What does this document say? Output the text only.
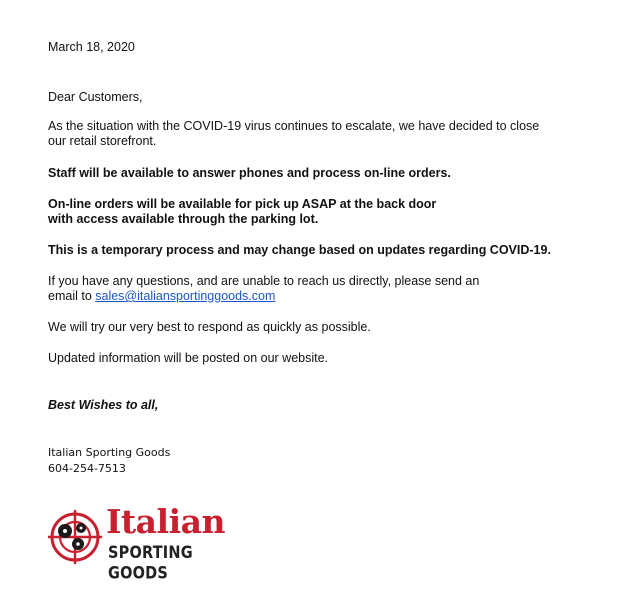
March 18, 2020

Dear Customers,

As the situation with the COVID-19 virus continues to escalate, we have decided to close

our retail storefront.

Staff will be available to answer phones and process on-line orders.

On-line orders will be available for pick up ASAP at the back door

with access available through the parking lot.

This is a temporary process and may change based on updates regarding COVID-19.

If you have any questions, and are unable to reach us directly, please send an

email to sales@italiansportinggoods.com

We will try our very best to respond as quickly as possible.

Updated information will be posted on our website.

Best Wishes to all,

Italian Sporting Goods
604-254-7513
Italian
SPORTING GOODS
